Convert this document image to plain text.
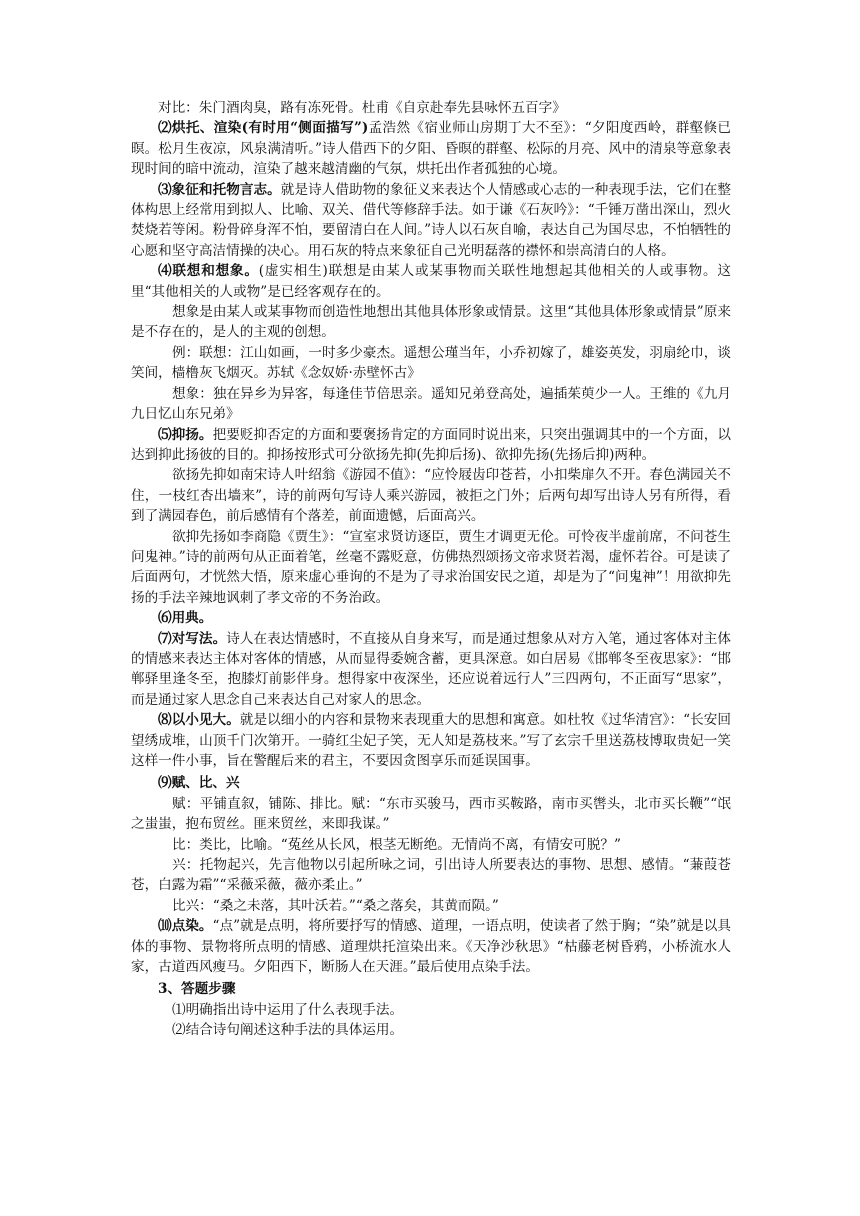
对比：朱门酒肉臭，路有冻死骨。杜甫《自京赴奉先县咏怀五百字》

⑵烘托、渲染(有时用“侧面描写”)孟浩然《宿业师山房期丁大不至》：“夕阳度西岭，群壑倏已暝。松月生夜凉，风泉满清听。”诗人借西下的夕阳、昏暝的群壑、松际的月亮、风中的清泉等意象表现时间的暗中流动，渲染了越来越清幽的气氛，烘托出作者孤独的心境。

⑶象征和托物言志。就是诗人借助物的象征义来表达个人情感或心志的一种表现手法，它们在整体构思上经常用到拟人、比喻、双关、借代等修辞手法。如于谦《石灰吟》：“千锤万凿出深山，烈火焚烧若等闲。粉骨碎身浑不怕，要留清白在人间。”诗人以石灰自喻，表达自己为国尽忠，不怕牺牲的心愿和坚守高洁情操的决心。用石灰的特点来象征自己光明磊落的襟怀和崇高清白的人格。

⑷联想和想象。(虚实相生)联想是由某人或某事物而关联性地想起其他相关的人或事物。这里“其他相关的人或物”是已经客观存在的。

想象是由某人或某事物而创造性地想出其他具体形象或情景。这里“其他具体形象或情景”原来是不存在的，是人的主观的创想。

例：联想：江山如画，一时多少豪杰。遥想公瑾当年，小乔初嫁了，雄姿英发，羽扇纶巾，谈笑间，樯橹灰飞烟灭。苏轼《念奴娇·赤壁怀古》

想象：独在异乡为异客，每逢佳节倍思亲。遥知兄弟登高处，遍插茱萸少一人。王维的《九月九日忆山东兄弟》

⑸抑扬。把要贬抑否定的方面和要褒扬肯定的方面同时说出来，只突出强调其中的一个方面，以达到抑此扬彼的目的。抑扬按形式可分欲扬先抑(先抑后扬)、欲抑先扬(先扬后抑)两种。

欲扬先抑如南宋诗人叶绍翁《游园不值》：“应怜屐齿印苍苔，小扣柴扉久不开。春色满园关不住，一枝红杏出墙来”，诗的前两句写诗人乘兴游园，被拒之门外；后两句却写出诗人另有所得，看到了满园春色，前后感情有个落差，前面遗憾，后面高兴。

欲抑先扬如李商隐《贾生》：“宣室求贤访逐臣，贾生才调更无伦。可怜夜半虚前席，不问苍生问鬼神。”诗的前两句从正面着笔，丝毫不露贬意，仿佛热烈颂扬文帝求贤若渴，虚怀若谷。可是读了后面两句，才恍然大悟，原来虚心垂询的不是为了寻求治国安民之道，却是为了“问鬼神”！用欲抑先扬的手法辛辣地讽刺了孝文帝的不务治政。

⑹用典。

⑺对写法。诗人在表达情感时，不直接从自身来写，而是通过想象从对方入笔，通过客体对主体的情感来表达主体对客体的情感，从而显得委婉含蓄，更具深意。如白居易《邯郸冬至夜思家》：“邯郸驿里逢冬至，抱膝灯前影伴身。想得家中夜深坐，还应说着远行人”三四两句，不正面写“思家”，而是通过家人思念自己来表达自己对家人的思念。

⑻以小见大。就是以细小的内容和景物来表现重大的思想和寓意。如杜牧《过华清宫》：“长安回望绣成堆，山顶千门次第开。一骑红尘妃子笑，无人知是荔枝来。”写了玄宗千里送荔枝博取贵妃一笑这样一件小事，旨在警醒后来的君主，不要因贪图享乐而延误国事。

⑼赋、比、兴

赋：平铺直叙，铺陈、排比。赋：“东市买骏马，西市买鞍路，南市买辔头，北市买长鞭”“氓之蚩蚩，抱布贸丝。匪来贸丝，来即我谋。”

比：类比，比喻。“菟丝从长风，根茎无断绝。无情尚不离，有情安可脱？”

兴：托物起兴，先言他物以引起所咏之词，引出诗人所要表达的事物、思想、感情。“蒹葭苍苍，白露为霜”“采薇采薇，薇亦柔止。”

比兴：“桑之未落，其叶沃若。”“桑之落矣，其黄而陨。”

⑽点染。“点”就是点明，将所要抒写的情感、道理，一语点明，使读者了然于胸；“染”就是以具体的事物、景物将所点明的情感、道理烘托渲染出来。《天净沙秋思》“枯藤老树昏鸦，小桥流水人家，古道西风瘦马。夕阳西下，断肠人在天涯。”最后使用点染手法。

3、答题步骤

⑴明确指出诗中运用了什么表现手法。

⑵结合诗句阐述这种手法的具体运用。
